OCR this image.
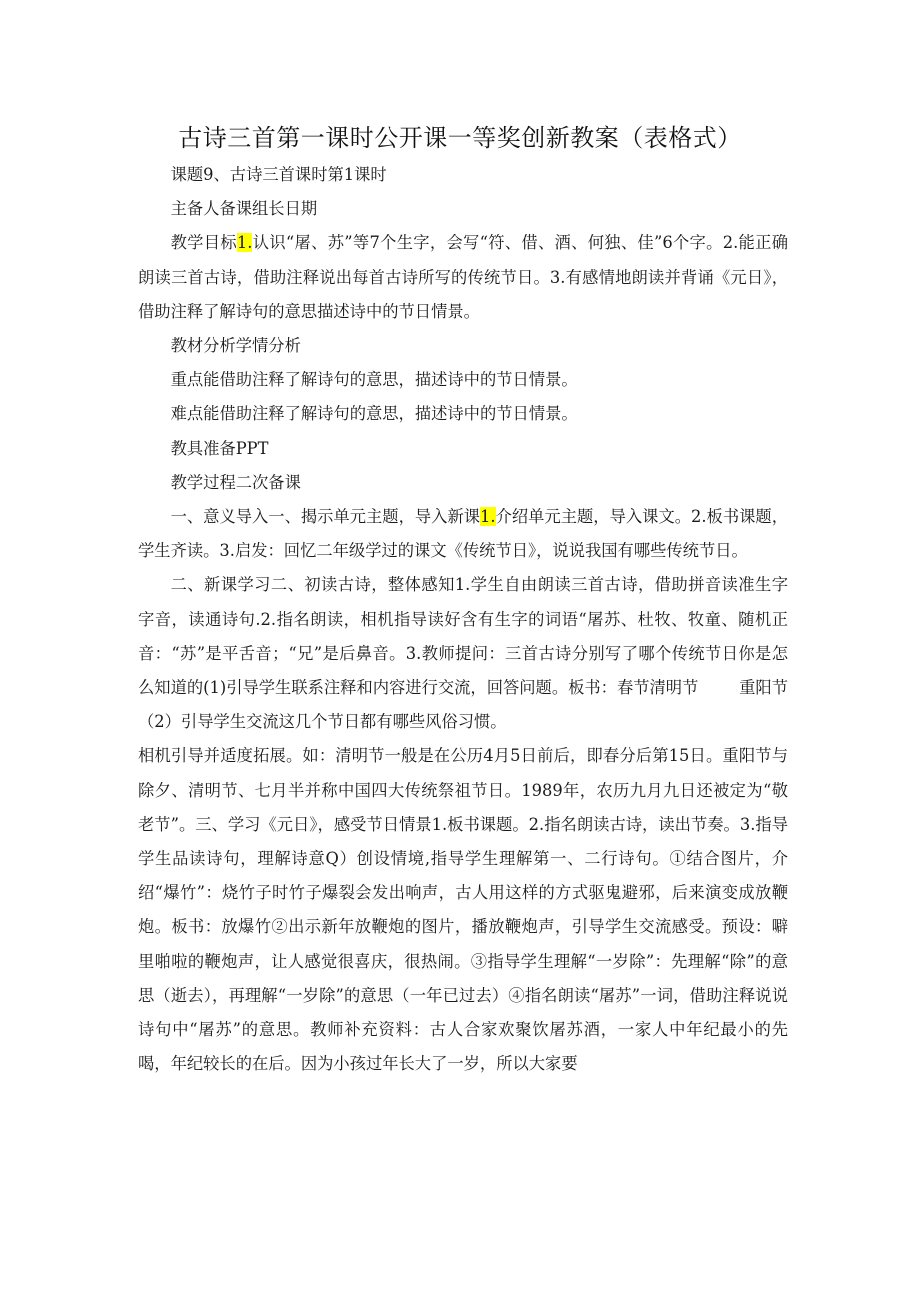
古诗三首第一课时公开课一等奖创新教案（表格式）

课题9、古诗三首课时第1课时

主备人备课组长日期

教学目标1.认识“屠、苏”等7个生字，会写“符、借、酒、何独、佳”6个字。2.能正确朗读三首古诗，借助注释说出每首古诗所写的传统节日。3.有感情地朗读并背诵《元日》，借助注释了解诗句的意思描述诗中的节日情景。

教材分析学情分析

重点能借助注释了解诗句的意思，描述诗中的节日情景。

难点能借助注释了解诗句的意思，描述诗中的节日情景。

教具准备PPT

教学过程二次备课

一、意义导入一、揭示单元主题，导入新课1.介绍单元主题，导入课文。2.板书课题，学生齐读。3.启发：回忆二年级学过的课文《传统节日》，说说我国有哪些传统节日。

二、新课学习二、初读古诗，整体感知1.学生自由朗读三首古诗，借助拼音读准生字字音，读通诗句.2.指名朗读，相机指导读好含有生字的词语“屠苏、杜牧、牧童、随机正音：“苏”是平舌音；“兄”是后鼻音。3.教师提问：三首古诗分别写了哪个传统节日你是怎么知道的(1)引导学生联系注释和内容进行交流，回答问题。板书：春节清明节	重阳节（2）引导学生交流这几个节日都有哪些风俗习惯。

相机引导并适度拓展。如：清明节一般是在公历4月5日前后，即春分后第15日。重阳节与除夕、清明节、七月半并称中国四大传统祭祖节日。1989年，农历九月九日还被定为“敬老节”。三、学习《元日》，感受节日情景1.板书课题。2.指名朗读古诗，读出节奏。3.指导学生品读诗句，理解诗意Q）创设情境,指导学生理解第一、二行诗句。①结合图片，介绍“爆竹”：烧竹子时竹子爆裂会发出响声，古人用这样的方式驱鬼避邪，后来演变成放鞭炮。板书：放爆竹②出示新年放鞭炮的图片，播放鞭炮声，引导学生交流感受。预设：噼里啪啦的鞭炮声，让人感觉很喜庆，很热闹。③指导学生理解“一岁除”：先理解“除”的意思（逝去），再理解“一岁除”的意思（一年已过去）④指名朗读“屠苏”一词，借助注释说说诗句中“屠苏”的意思。教师补充资料：古人合家欢聚饮屠苏酒，一家人中年纪最小的先喝，年纪较长的在后。因为小孩过年长大了一岁，所以大家要
